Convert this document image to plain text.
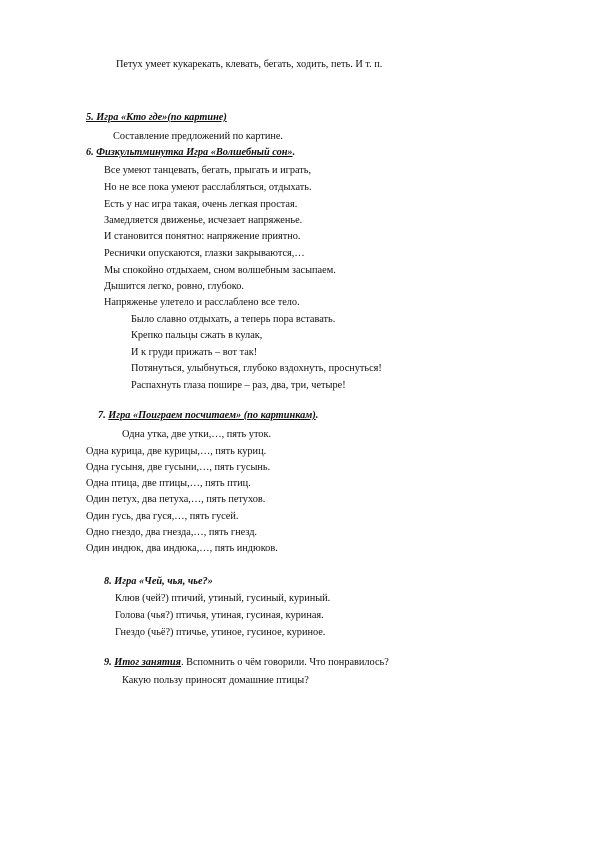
Петух умеет кукарекать, клевать, бегать, ходить, петь. И т. п.
5. Игра «Кто где»(по картине)
Составление предложений по картине.
6. Физкультминутка Игра «Волшебный сон».
Все умеют танцевать, бегать, прыгать и играть,
Но не все пока умеют расслабляться, отдыхать.
Есть у нас игра такая, очень легкая простая.
Замедляется движенье, исчезает напряженье.
И становится понятно: напряжение приятно.
Реснички опускаются, глазки закрываются,…
Мы спокойно отдыхаем, сном волшебным засыпаем.
Дышится легко, ровно, глубоко.
Напряженье улетело и расслаблено все тело.
Было славно отдыхать, а теперь пора вставать.
Крепко пальцы сжать в кулак,
И к груди прижать – вот так!
Потянуться, улыбнуться, глубоко вздохнуть, проснуться!
Распахнуть глаза пошире – раз, два, три, четыре!
7. Игра «Поиграем посчитаем» (по картинкам).
Одна утка, две утки,…, пять уток.
Одна курица, две курицы,…, пять куриц.
Одна гусыня, две гусыни,…, пять гусынь.
Одна птица, две птицы,…, пять птиц.
Один петух, два петуха,…, пять петухов.
Один гусь, два гуся,…, пять гусей.
Одно гнездо, два гнезда,…, пять гнезд.
Один индюк, два индюка,…, пять индюков.
8. Игра «Чей, чья, чье?»
Клюв (чей?) птичий, утиный, гусиный, куриный.
Голова (чья?) птичья, утиная, гусиная, куриная.
Гнездо (чьё?) птичье, утиное, гусиное, куриное.
9. Итог занятия. Вспомнить о чём говорили. Что понравилось?
Какую пользу приносят домашние птицы?
